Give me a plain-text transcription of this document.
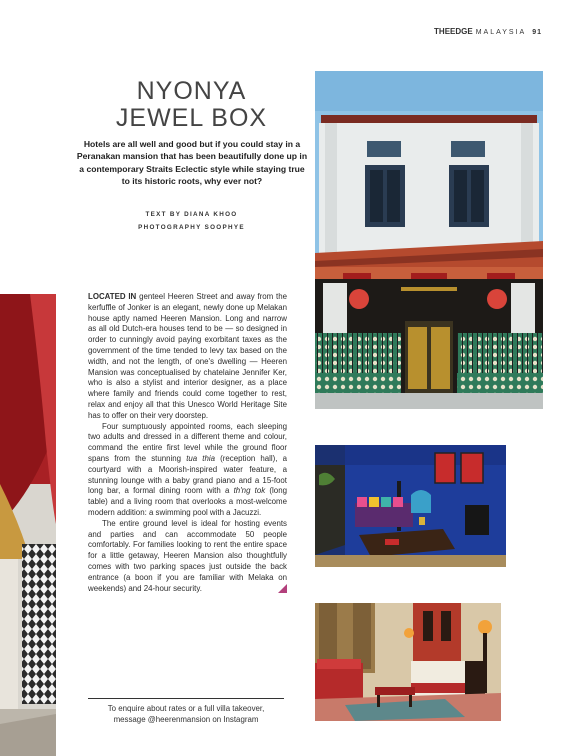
THEEDGE MALAYSIA 91
NYONYA
JEWEL BOX

Hotels are all well and good but if you could stay in a Peranakan mansion that has been beautifully done up in a contemporary Straits Eclectic style while staying true to its historic roots, why ever not?

TEXT BY DIANA KHOO
PHOTOGRAPHY SOOPHYE

LOCATED IN genteel Heeren Street and away from the kerfuffle of Jonker is an elegant, newly done up Melakan house aptly named Heeren Mansion. Long and narrow as all old Dutch-era houses tend to be — so designed in order to cunningly avoid paying exorbitant taxes as the government of the time tended to levy tax based on the width, and not the length, of one's dwelling — Heeren Mansion was conceptualised by chatelaine Jennifer Ker, who is also a stylist and interior designer, as a place where family and friends could come together to rest, relax and enjoy all that this Unesco World Heritage Site has to offer on their very doorstep.

Four sumptuously appointed rooms, each sleeping two adults and dressed in a different theme and colour, command the entire first level while the ground floor spans from the stunning tua thia (reception hall), a courtyard with a Moorish-inspired water feature, a stunning lounge with a baby grand piano and a 15-foot long bar, a formal dining room with a th'ng tok (long table) and a living room that overlooks a most-welcome modern addition: a swimming pool with a Jacuzzi.

The entire ground level is ideal for hosting events and parties and can accommodate 50 people comfortably. For families looking to rent the entire space for a little getaway, Heeren Mansion also thoughtfully comes with two parking spaces just outside the back entrance (a boon if you are familiar with Melaka on weekends) and 24-hour security.

To enquire about rates or a full villa takeover,
message @heerenmansion on Instagram
